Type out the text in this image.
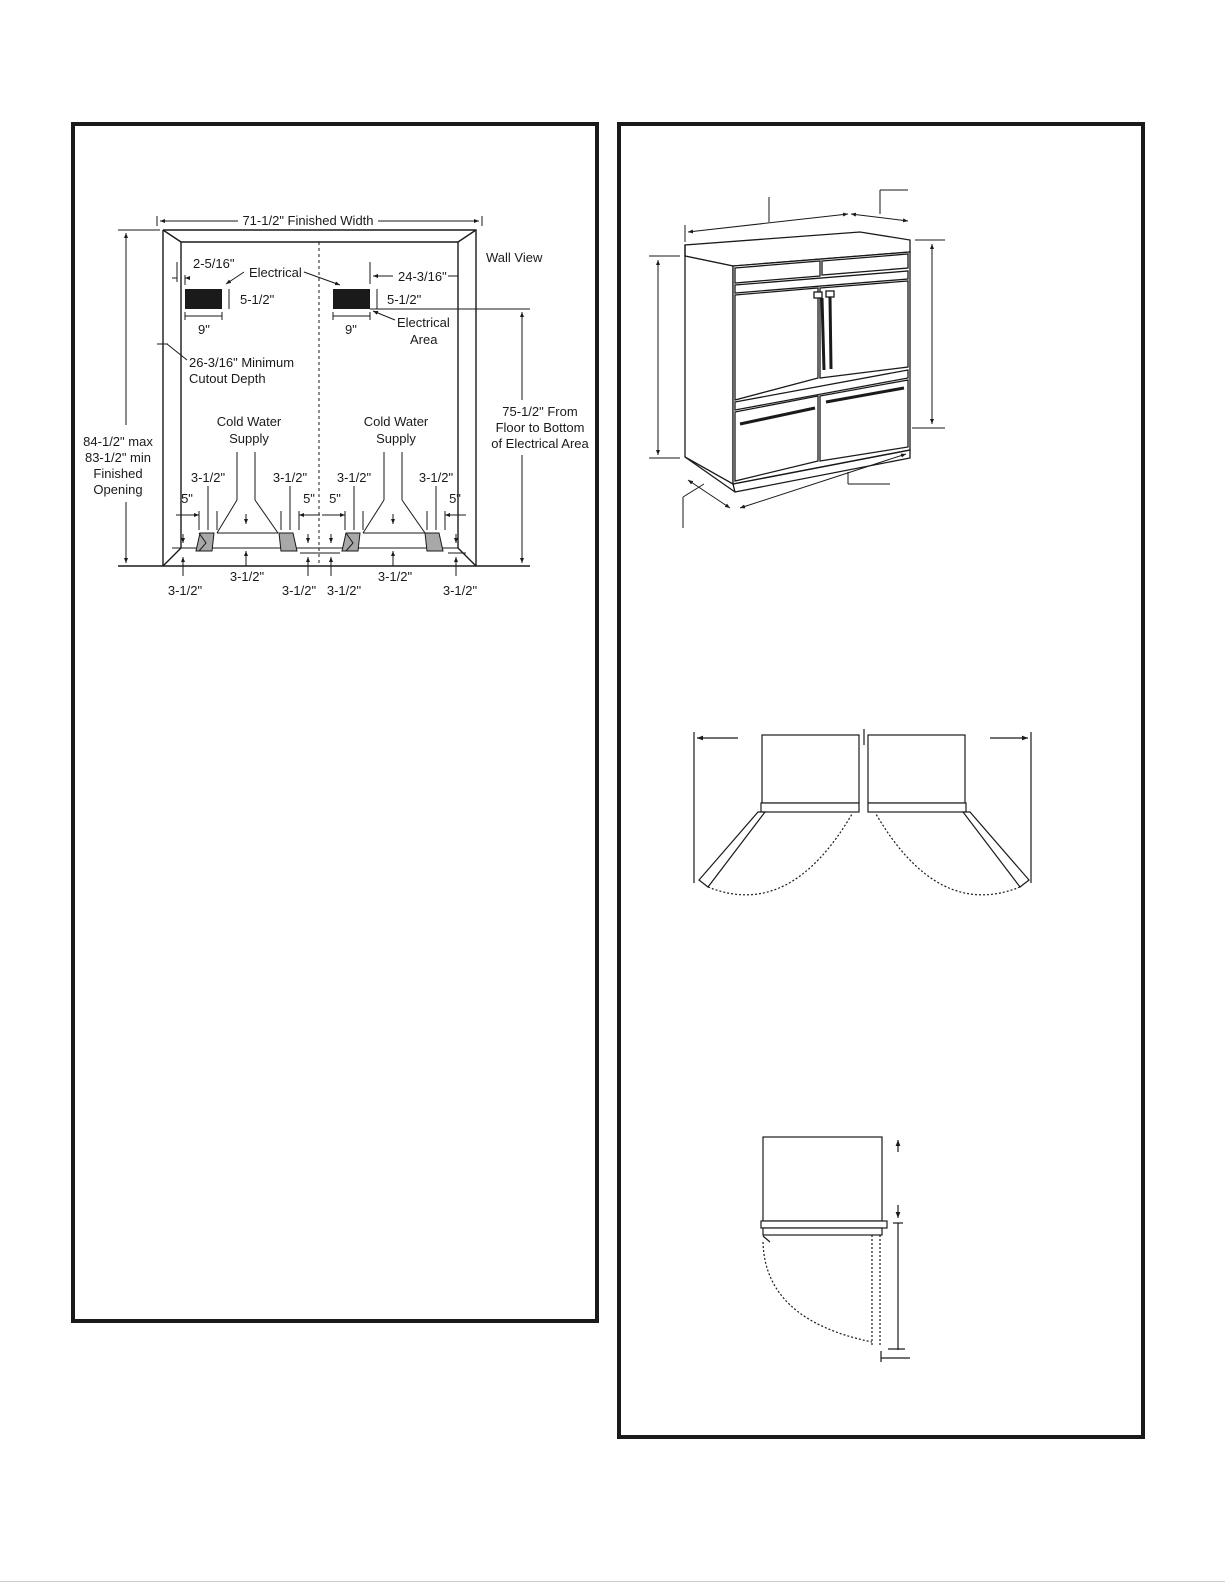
71-1/2" Finished Width
Wall View
2-5/16"
Electrical	24-3/16"
5-1/2"	5-1/2"
9"	9"	Electrical
Area
26-3/16" Minimum
Cutout Depth
84-1/2" max
83-1/2" min
Finished
Opening
75-1/2" From
Floor to Bottom
of Electrical Area
Cold Water
Supply
Cold Water
Supply
3-1/2"	3-1/2" 3-1/2"	3-1/2"
5"	5" 5"	5"
3-1/2"	3-1/2"
3-1/2"	3-1/2" 3-1/2"	3-1/2"
